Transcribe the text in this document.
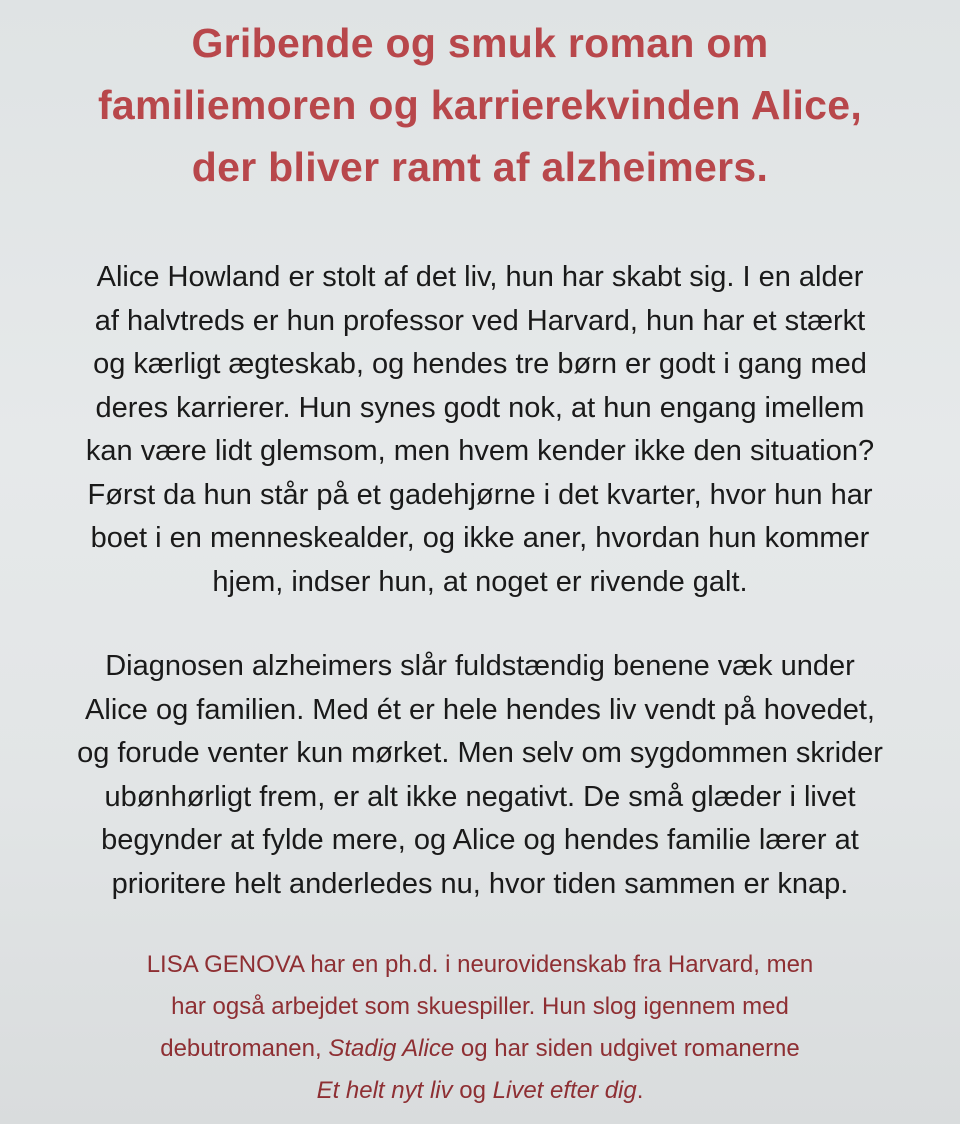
Gribende og smuk roman om
familiemoren og karrierekvinden Alice,
der bliver ramt af alzheimers.
Alice Howland er stolt af det liv, hun har skabt sig. I en alder
af halvtreds er hun professor ved Harvard, hun har et stærkt
og kærligt ægteskab, og hendes tre børn er godt i gang med
deres karrierer. Hun synes godt nok, at hun engang imellem
kan være lidt glemsom, men hvem kender ikke den situation?
Først da hun står på et gadehjørne i det kvarter, hvor hun har
boet i en menneskealder, og ikke aner, hvordan hun kommer
hjem, indser hun, at noget er rivende galt.
Diagnosen alzheimers slår fuldstændig benene væk under
Alice og familien. Med ét er hele hendes liv vendt på hovedet,
og forude venter kun mørket. Men selv om sygdommen skrider
ubønhørligt frem, er alt ikke negativt. De små glæder i livet
begynder at fylde mere, og Alice og hendes familie lærer at
prioritere helt anderledes nu, hvor tiden sammen er knap.
LISA GENOVA har en ph.d. i neurovidenskab fra Harvard, men
har også arbejdet som skuespiller. Hun slog igennem med
debutromanen, Stadig Alice og har siden udgivet romanerne
Et helt nyt liv og Livet efter dig.
